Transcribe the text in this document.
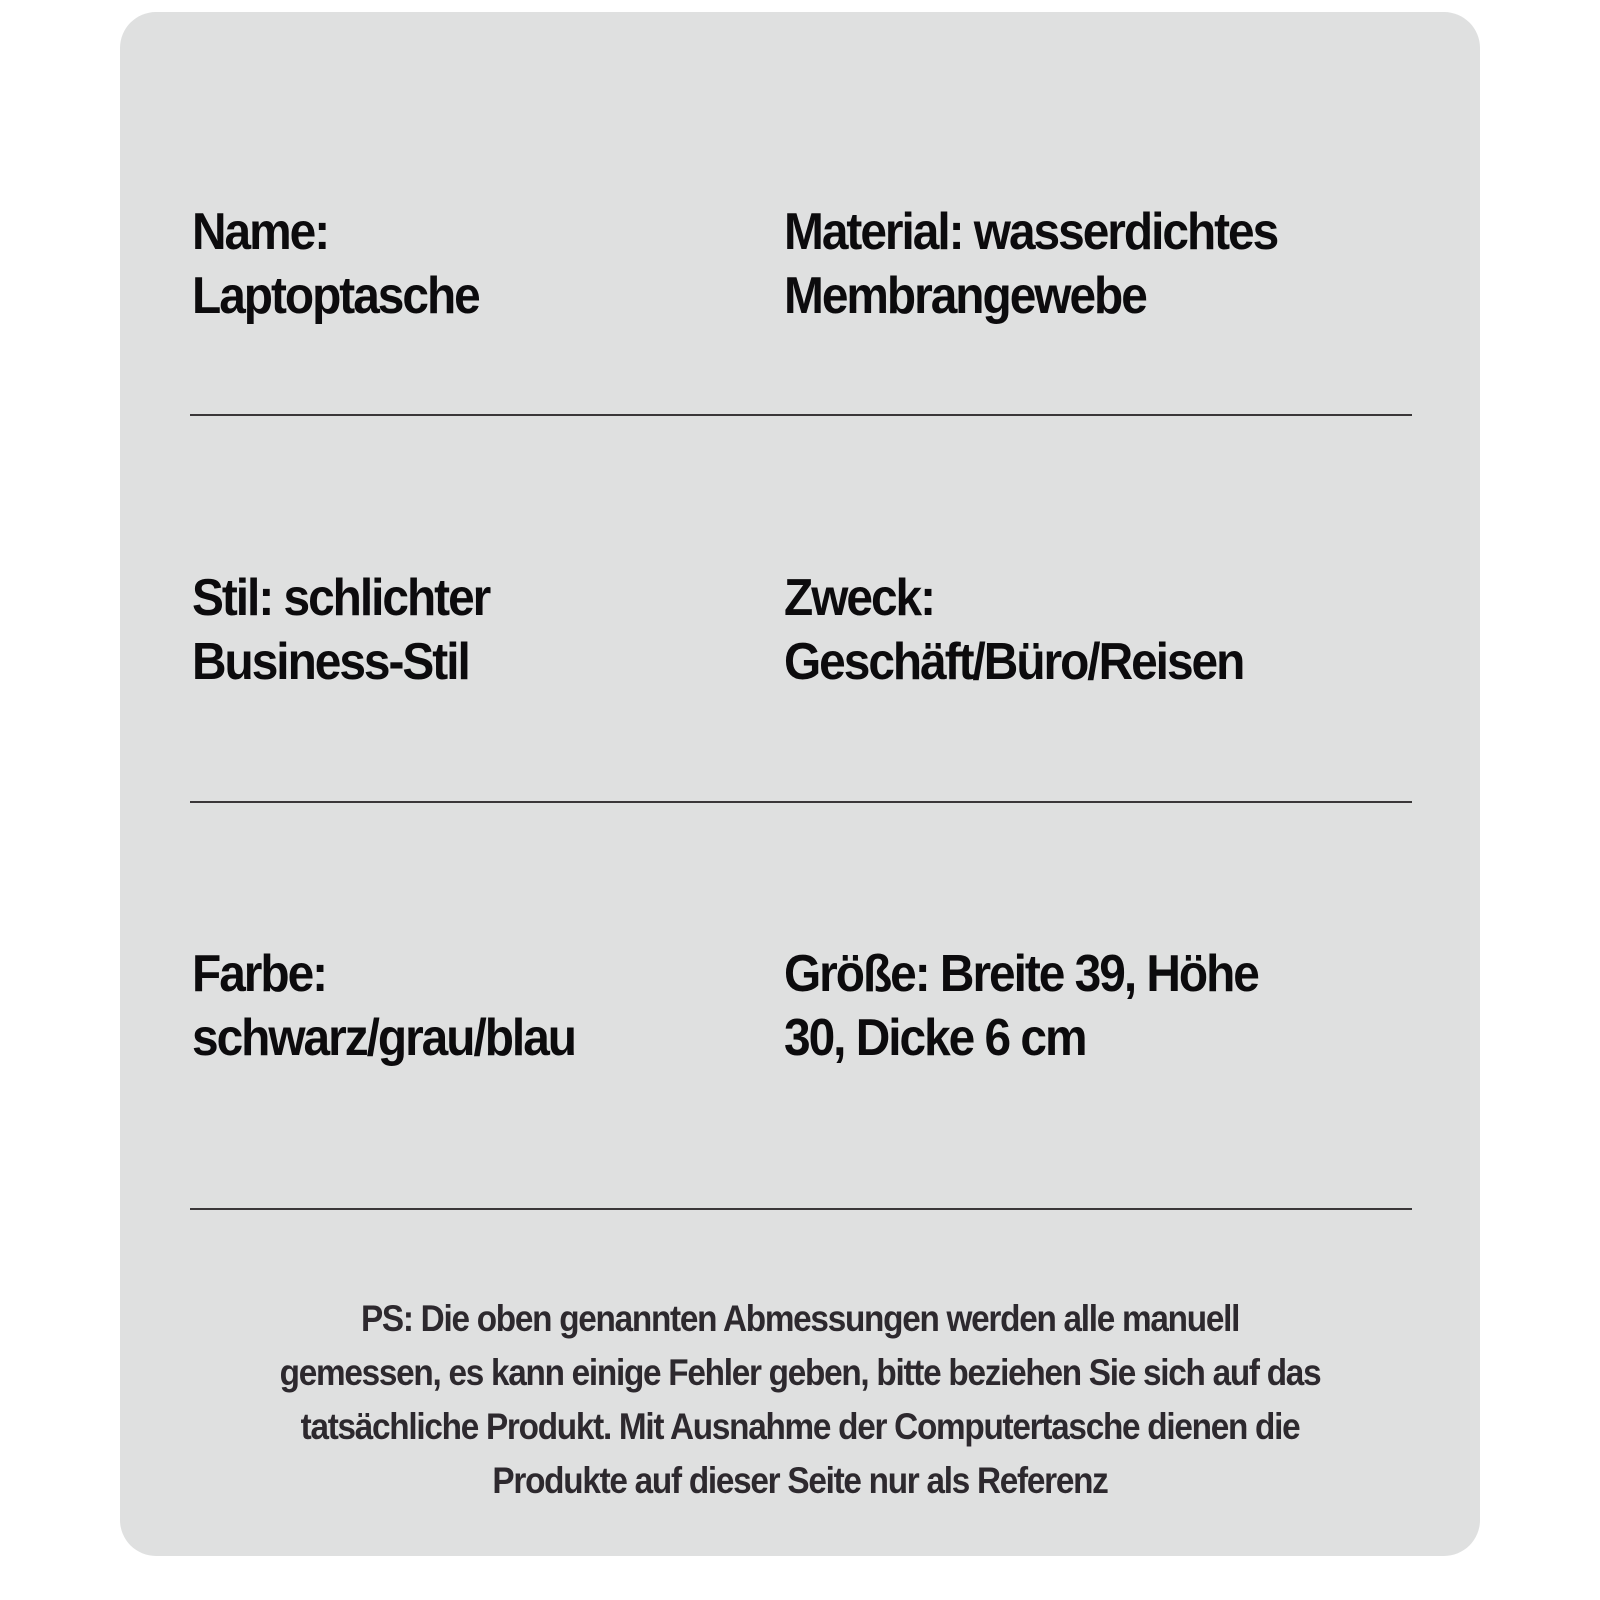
Name:
Laptoptasche
Material: wasserdichtes
Membrangewebe
Stil: schlichter
Business-Stil
Zweck:
Geschäft/Büro/Reisen
Farbe:
schwarz/grau/blau
Größe: Breite 39, Höhe
30, Dicke 6 cm
PS: Die oben genannten Abmessungen werden alle manuell
gemessen, es kann einige Fehler geben, bitte beziehen Sie sich auf das
tatsächliche Produkt. Mit Ausnahme der Computertasche dienen die
Produkte auf dieser Seite nur als Referenz
